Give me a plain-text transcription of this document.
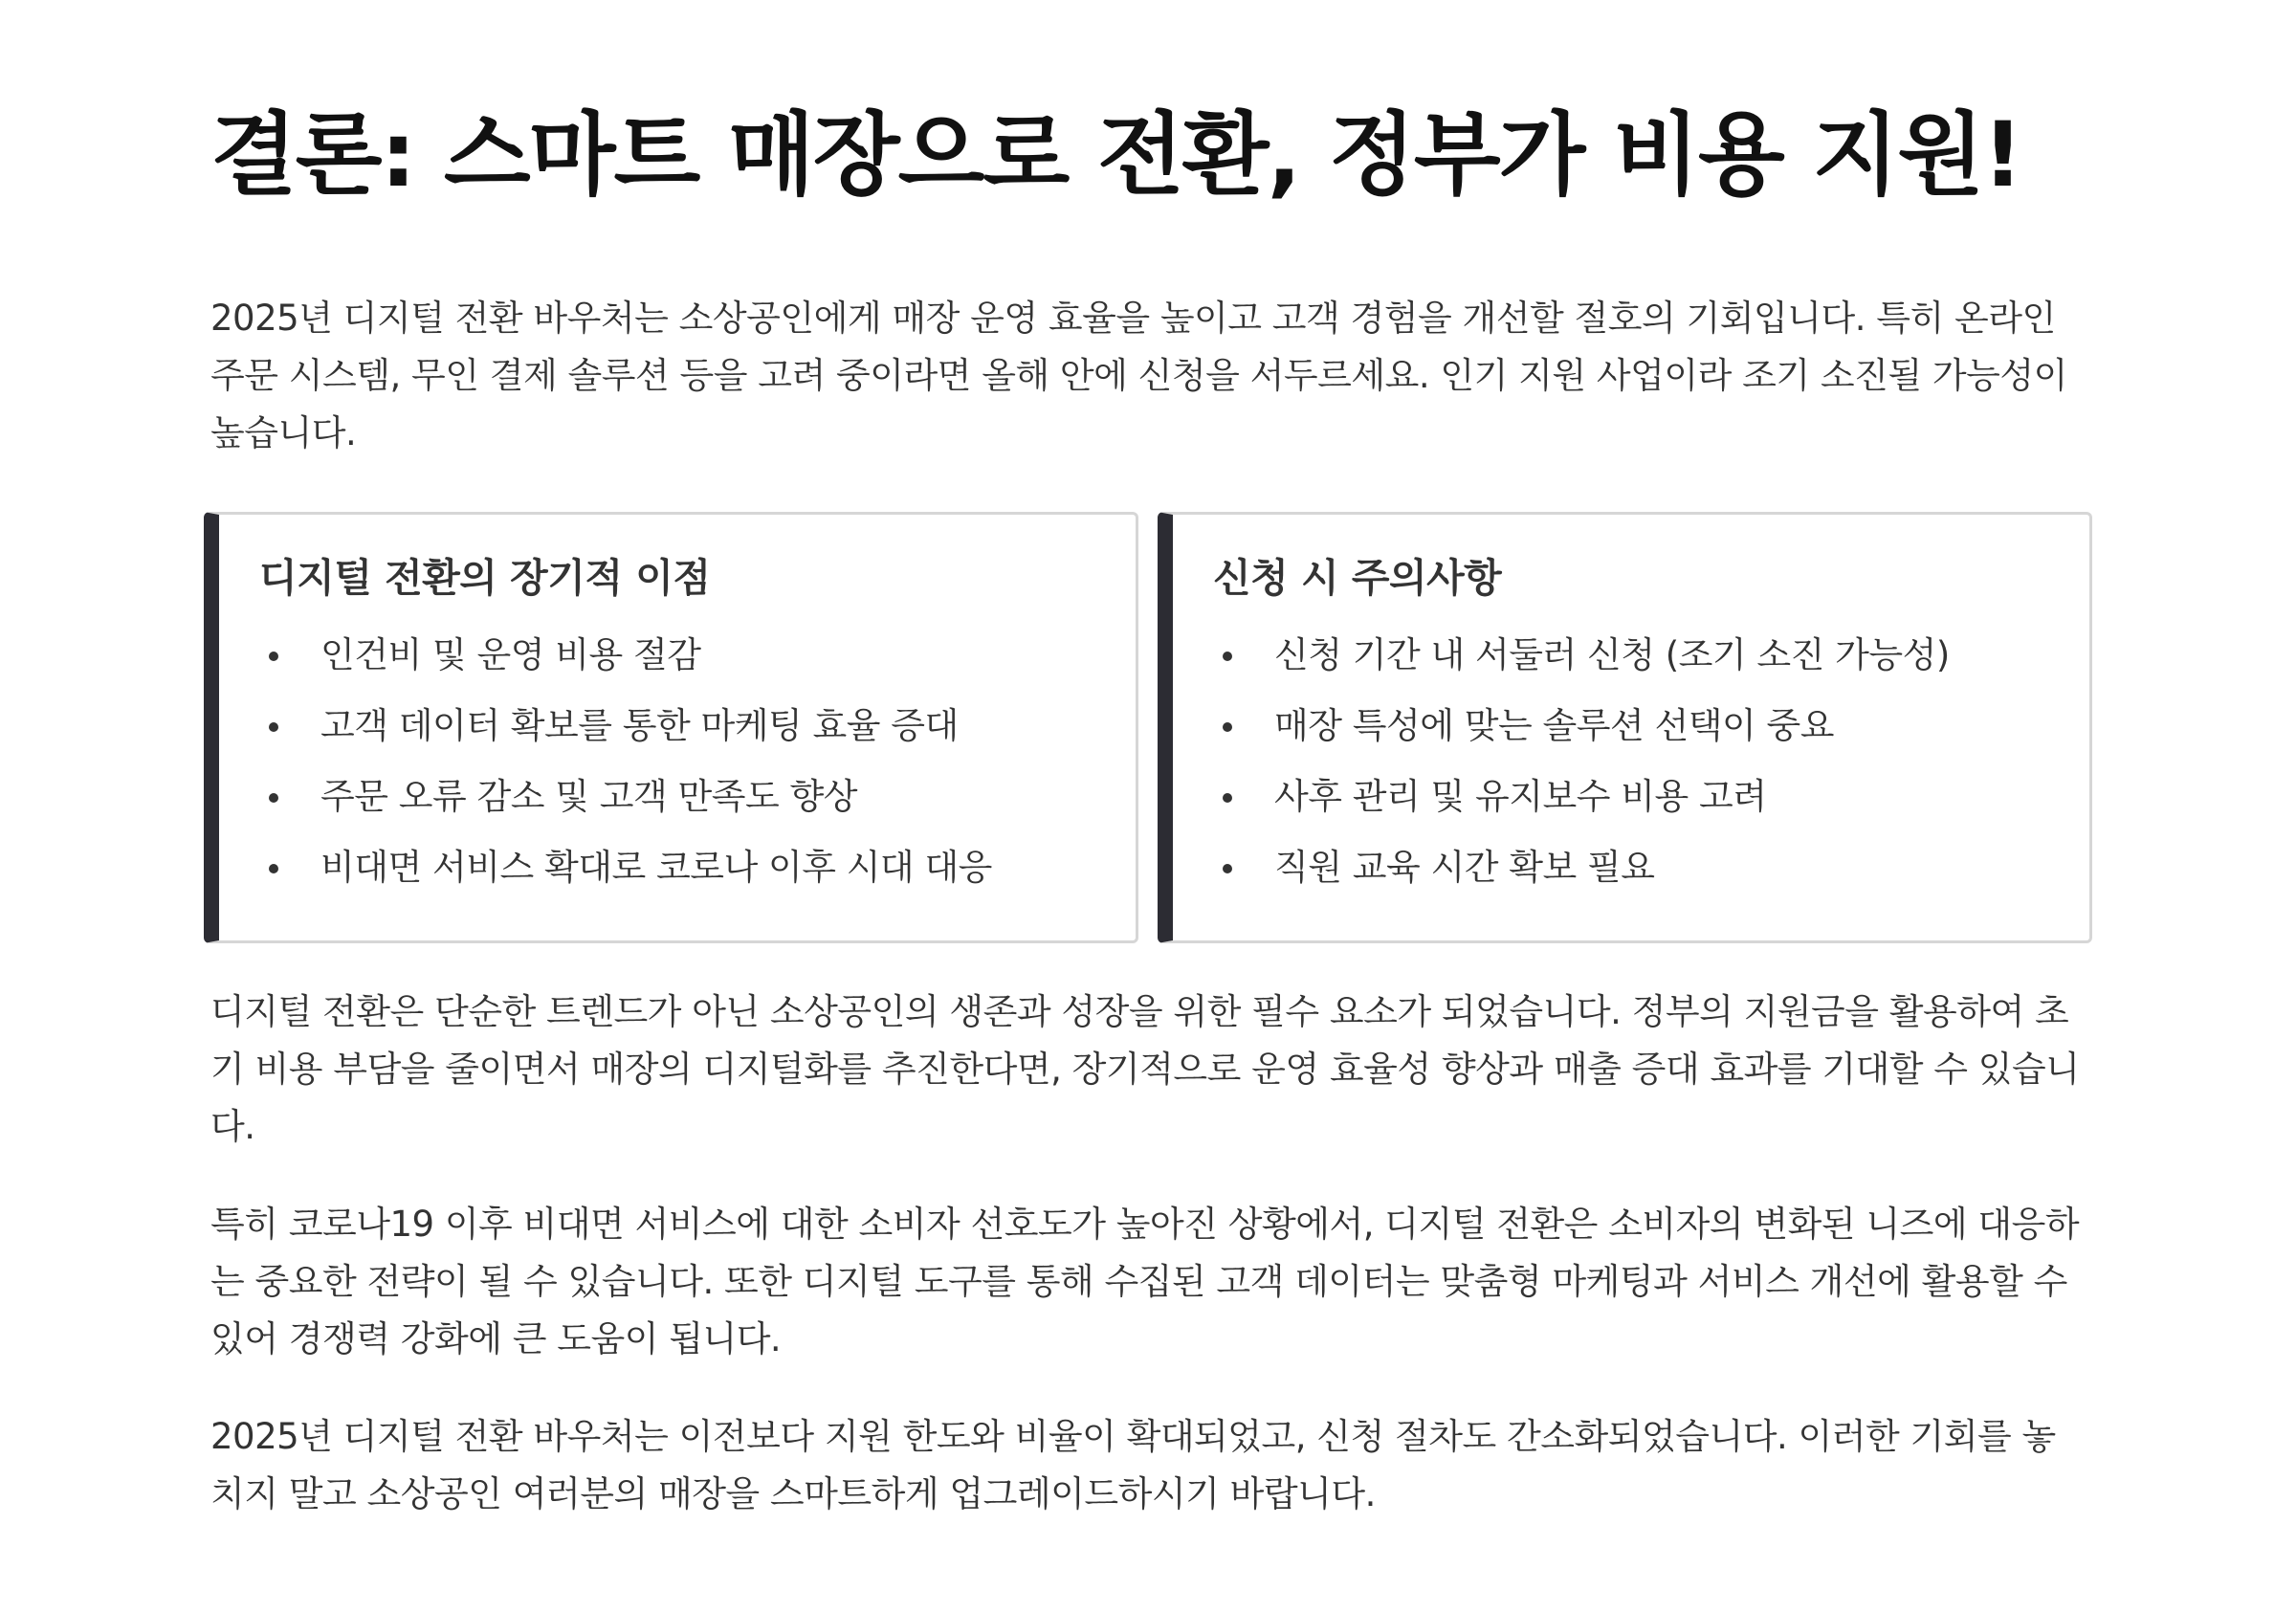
결론: 스마트 매장으로 전환, 정부가 비용 지원!

2025년 디지털 전환 바우처는 소상공인에게 매장 운영 효율을 높이고 고객 경험을 개선할 절호의 기회입니다. 특히 온라인 주문 시스템, 무인 결제 솔루션 등을 고려 중이라면 올해 안에 신청을 서두르세요. 인기 지원 사업이라 조기 소진될 가능성이 높습니다.

디지털 전환의 장기적 이점
인건비 및 운영 비용 절감
고객 데이터 확보를 통한 마케팅 효율 증대
주문 오류 감소 및 고객 만족도 향상
비대면 서비스 확대로 코로나 이후 시대 대응
신청 시 주의사항
신청 기간 내 서둘러 신청 (조기 소진 가능성)
매장 특성에 맞는 솔루션 선택이 중요
사후 관리 및 유지보수 비용 고려
직원 교육 시간 확보 필요

디지털 전환은 단순한 트렌드가 아닌 소상공인의 생존과 성장을 위한 필수 요소가 되었습니다. 정부의 지원금을 활용하여 초기 비용 부담을 줄이면서 매장의 디지털화를 추진한다면, 장기적으로 운영 효율성 향상과 매출 증대 효과를 기대할 수 있습니다.

특히 코로나19 이후 비대면 서비스에 대한 소비자 선호도가 높아진 상황에서, 디지털 전환은 소비자의 변화된 니즈에 대응하는 중요한 전략이 될 수 있습니다. 또한 디지털 도구를 통해 수집된 고객 데이터는 맞춤형 마케팅과 서비스 개선에 활용할 수 있어 경쟁력 강화에 큰 도움이 됩니다.

2025년 디지털 전환 바우처는 이전보다 지원 한도와 비율이 확대되었고, 신청 절차도 간소화되었습니다. 이러한 기회를 놓치지 말고 소상공인 여러분의 매장을 스마트하게 업그레이드하시기 바랍니다.
